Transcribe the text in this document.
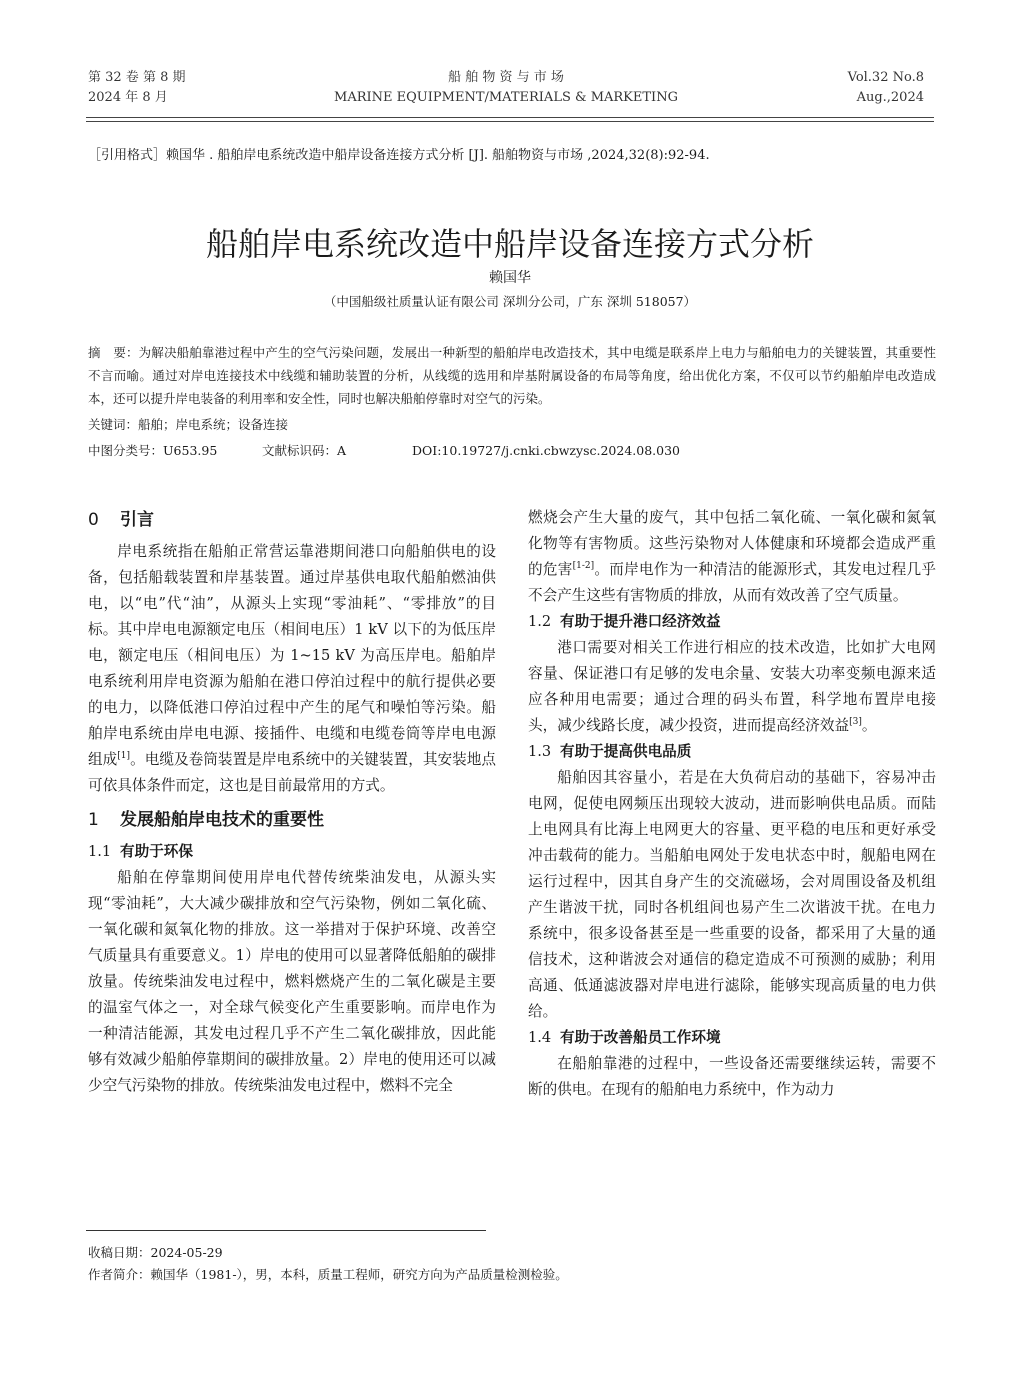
第 32 卷 第 8 期
2024 年 8 月
船 舶 物 资 与 市 场
MARINE EQUIPMENT/MATERIALS & MARKETING
Vol.32 No.8
Aug.,2024
［引用格式］赖国华 . 船舶岸电系统改造中船岸设备连接方式分析 [J]. 船舶物资与市场 ,2024,32(8):92-94.
船舶岸电系统改造中船岸设备连接方式分析
赖国华
（中国船级社质量认证有限公司 深圳分公司，广东 深圳 518057）
摘　要：为解决船舶靠港过程中产生的空气污染问题，发展出一种新型的船舶岸电改造技术，其中电缆是联系岸上电力与船舶电力的关键装置，其重要性不言而喻。通过对岸电连接技术中线缆和辅助装置的分析，从线缆的选用和岸基附属设备的布局等角度，给出优化方案，不仅可以节约船舶岸电改造成本，还可以提升岸电装备的利用率和安全性，同时也解决船舶停靠时对空气的污染。
关键词：船舶；岸电系统；设备连接
中图分类号：U653.95	文献标识码：A	DOI:10.19727/j.cnki.cbwzysc.2024.08.030
0 引言

岸电系统指在船舶正常营运靠港期间港口向船舶供电的设备，包括船载装置和岸基装置。通过岸基供电取代船舶燃油供电，以“电”代“油”，从源头上实现“零油耗”、“零排放”的目标。其中岸电电源额定电压（相间电压）1 kV 以下的为低压岸电，额定电压（相间电压）为 1~15 kV 为高压岸电。船舶岸电系统利用岸电资源为船舶在港口停泊过程中的航行提供必要的电力，以降低港口停泊过程中产生的尾气和噪怕等污染。船舶岸电系统由岸电电源、接插件、电缆和电缆卷筒等岸电电源组成[1]。电缆及卷筒装置是岸电系统中的关键装置，其安装地点可依具体条件而定，这也是目前最常用的方式。

1 发展船舶岸电技术的重要性
1.1 有助于环保

船舶在停靠期间使用岸电代替传统柴油发电，从源头实现“零油耗”，大大减少碳排放和空气污染物，例如二氧化硫、一氧化碳和氮氧化物的排放。这一举措对于保护环境、改善空气质量具有重要意义。1）岸电的使用可以显著降低船舶的碳排放量。传统柴油发电过程中，燃料燃烧产生的二氧化碳是主要的温室气体之一，对全球气候变化产生重要影响。而岸电作为一种清洁能源，其发电过程几乎不产生二氧化碳排放，因此能够有效减少船舶停靠期间的碳排放量。2）岸电的使用还可以减少空气污染物的排放。传统柴油发电过程中，燃料不完全

燃烧会产生大量的废气，其中包括二氧化硫、一氧化碳和氮氧化物等有害物质。这些污染物对人体健康和环境都会造成严重的危害[1-2]。而岸电作为一种清洁的能源形式，其发电过程几乎不会产生这些有害物质的排放，从而有效改善了空气质量。

1.2 有助于提升港口经济效益

港口需要对相关工作进行相应的技术改造，比如扩大电网容量、保证港口有足够的发电余量、安装大功率变频电源来适应各种用电需要；通过合理的码头布置，科学地布置岸电接头，减少线路长度，减少投资，进而提高经济效益[3]。

1.3 有助于提高供电品质

船舶因其容量小，若是在大负荷启动的基础下，容易冲击电网，促使电网频压出现较大波动，进而影响供电品质。而陆上电网具有比海上电网更大的容量、更平稳的电压和更好承受冲击载荷的能力。当船舶电网处于发电状态中时，舰船电网在运行过程中，因其自身产生的交流磁场，会对周围设备及机组产生谐波干扰，同时各机组间也易产生二次谐波干扰。在电力系统中，很多设备甚至是一些重要的设备，都采用了大量的通信技术，这种谐波会对通信的稳定造成不可预测的威胁；利用高通、低通滤波器对岸电进行滤除，能够实现高质量的电力供给。

1.4 有助于改善船员工作环境

在船舶靠港的过程中，一些设备还需要继续运转，需要不断的供电。在现有的船舶电力系统中，作为动力

收稿日期：2024-05-29
作者简介：赖国华（1981-），男，本科，质量工程师，研究方向为产品质量检测检验。
